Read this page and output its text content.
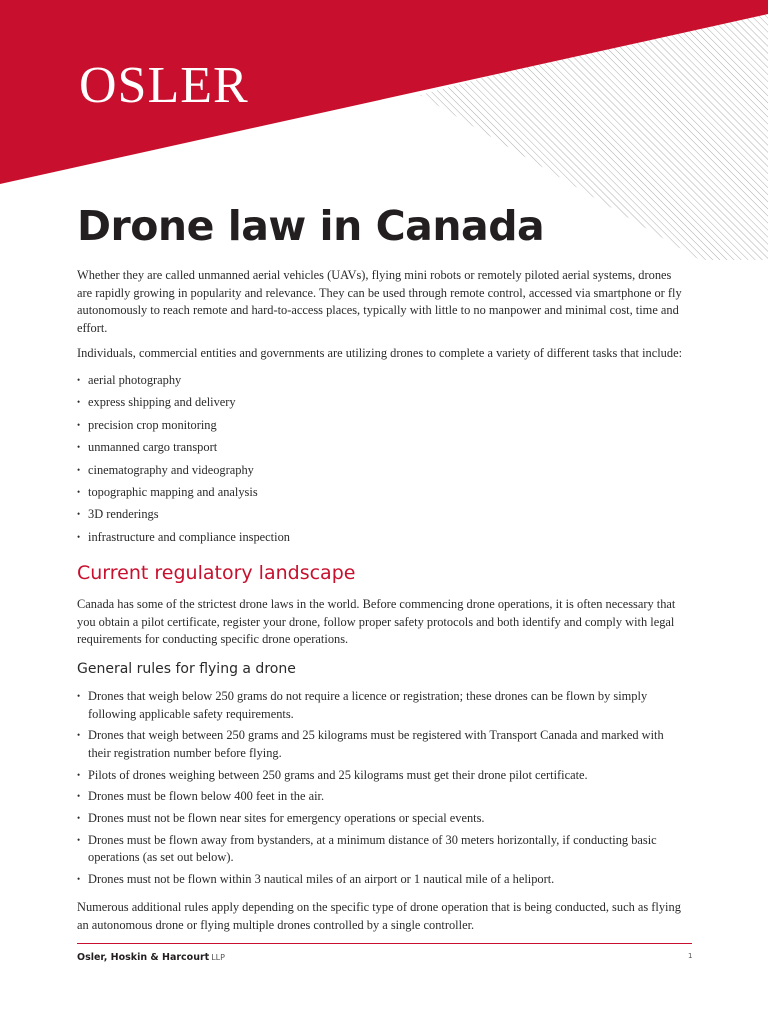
OSLER
Drone law in Canada

Whether they are called unmanned aerial vehicles (UAVs), flying mini robots or remotely piloted aerial systems, drones are rapidly growing in popularity and relevance. They can be used through remote control, accessed via smartphone or fly autonomously to reach remote and hard-to-access places, typically with little to no manpower and minimal cost, time and effort.

Individuals, commercial entities and governments are utilizing drones to complete a variety of different tasks that include:

• aerial photography
• express shipping and delivery
• precision crop monitoring
• unmanned cargo transport
• cinematography and videography
• topographic mapping and analysis
• 3D renderings
• infrastructure and compliance inspection
Current regulatory landscape

Canada has some of the strictest drone laws in the world. Before commencing drone operations, it is often necessary that you obtain a pilot certificate, register your drone, follow proper safety protocols and both identify and comply with legal requirements for conducting specific drone operations.

General rules for flying a drone
• Drones that weigh below 250 grams do not require a licence or registration; these drones can be flown by simply following applicable safety requirements.
• Drones that weigh between 250 grams and 25 kilograms must be registered with Transport Canada and marked with their registration number before flying.
• Pilots of drones weighing between 250 grams and 25 kilograms must get their drone pilot certificate.
• Drones must be flown below 400 feet in the air.
• Drones must not be flown near sites for emergency operations or special events.
• Drones must be flown away from bystanders, at a minimum distance of 30 meters horizontally, if conducting basic operations (as set out below).
• Drones must not be flown within 3 nautical miles of an airport or 1 nautical mile of a heliport.

Numerous additional rules apply depending on the specific type of drone operation that is being conducted, such as flying an autonomous drone or flying multiple drones controlled by a single controller.

Osler, Hoskin & Harcourt LLP	1
